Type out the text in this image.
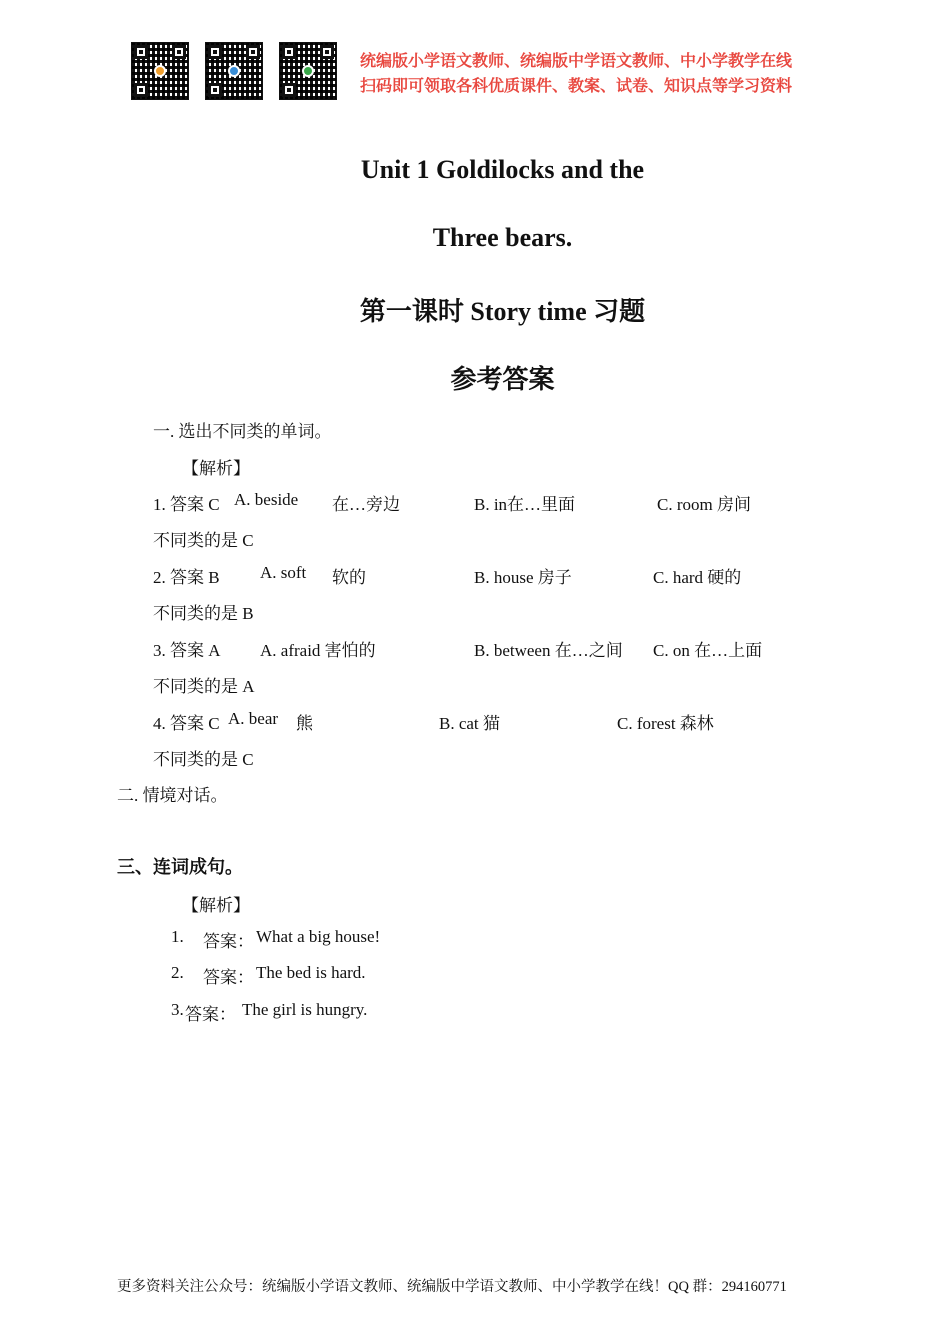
统编版小学语文教师、统编版中学语文教师、中小学教学在线
扫码即可领取各科优质课件、教案、试卷、知识点等学习资料
Unit 1 Goldilocks and the
Three bears.
第一课时 Story time 习题
参考答案
一. 选出不同类的单词。
【解析】
1. 答案 C A. beside 在…旁边	B. in在…里面	C. room 房间
不同类的是 C
2. 答案 B A. soft 软的	B. house 房子	C. hard 硬的
不同类的是 B
3. 答案 A A. afraid 害怕的	B. between 在…之间 C. on 在…上面
不同类的是 A
4. 答案 C A. bear 熊	B. cat 猫	C. forest 森林
不同类的是 C
二. 情境对话。
三、连词成句。
【解析】
1. 答案： What a big house!
2. 答案： The bed is hard.
3. 答案： The girl is hungry.
更多资料关注公众号：统编版小学语文教师、统编版中学语文教师、中小学教学在线！QQ 群：294160771
